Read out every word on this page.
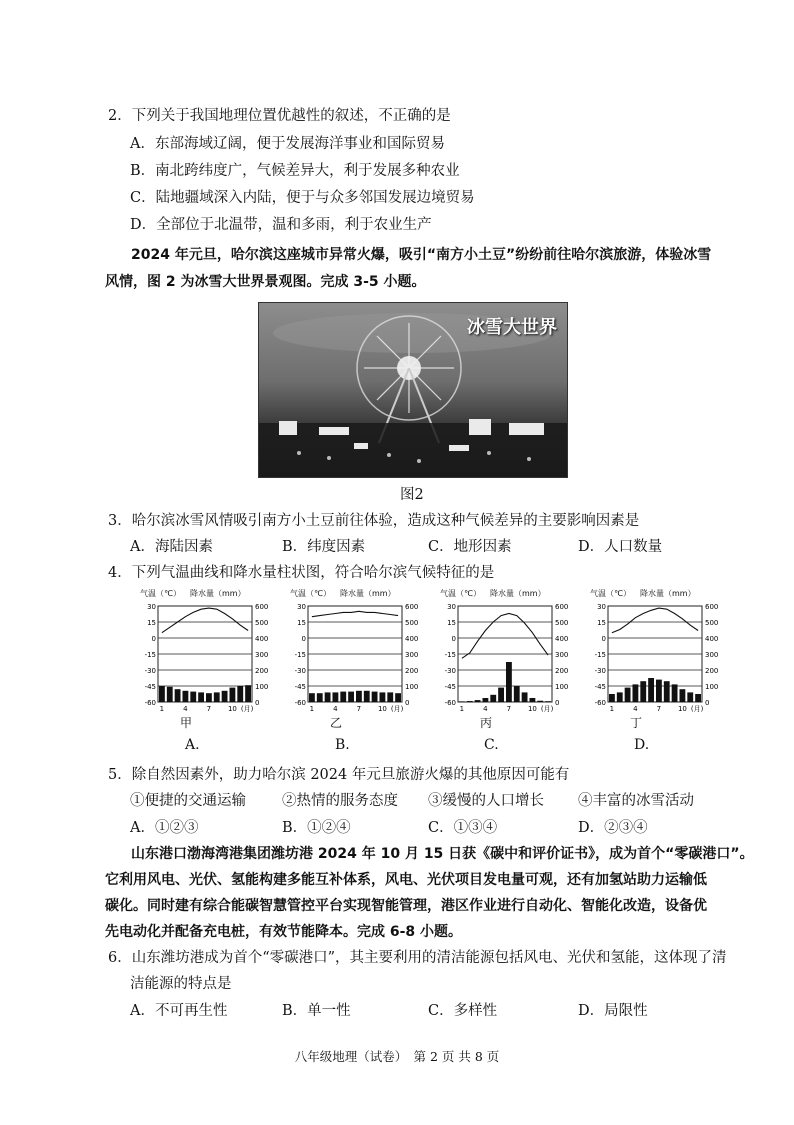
2．下列关于我国地理位置优越性的叙述，不正确的是
A．东部海域辽阔，便于发展海洋事业和国际贸易
B．南北跨纬度广，气候差异大，利于发展多种农业
C．陆地疆域深入内陆，便于与众多邻国发展边境贸易
D．全部位于北温带，温和多雨，利于农业生产
2024 年元旦，哈尔滨这座城市异常火爆，吸引“南方小土豆”纷纷前往哈尔滨旅游，体验冰雪
风情，图 2 为冰雪大世界景观图。完成 3-5 小题。
冰雪大世界
图2
3．哈尔滨冰雪风情吸引南方小土豆前往体验，造成这种气候差异的主要影响因素是
A．海陆因素	B．纬度因素	C．地形因素	D．人口数量
4．下列气温曲线和降水量柱状图，符合哈尔滨气候特征的是
气温（℃） 降水量（mm）
30	600
15	500
0	400
-15	300
-30	200
-45	100
-60	0
1	4	7 10 (月)
甲
气温（℃） 降水量（mm）
30	600
15	500
0	400
-15	300
-30	200
-45	100
-60	0
1	4	7 10 (月)
乙
气温（℃） 降水量（mm）
30	600
15	500
0	400
-15	300
-30	200
-45	100
-60	0
1	4	7 10 (月)
丙
气温（℃） 降水量（mm）
30	600
15	500
0	400
-15	300
-30	200
-45	100
-60	0
1	4	7 10 (月)
丁
A.	B.	C.	D.
5．除自然因素外，助力哈尔滨 2024 年元旦旅游火爆的其他原因可能有
①便捷的交通运输 ②热情的服务态度 ③缓慢的人口增长 ④丰富的冰雪活动
A．①②③	B．①②④	C．①③④	D．②③④
山东港口渤海湾港集团潍坊港 2024 年 10 月 15 日获《碳中和评价证书》，成为首个“零碳港口”。
它利用风电、光伏、氢能构建多能互补体系，风电、光伏项目发电量可观，还有加氢站助力运输低
碳化。同时建有综合能碳智慧管控平台实现智能管理，港区作业进行自动化、智能化改造，设备优
先电动化并配备充电桩，有效节能降本。完成 6-8 小题。
6．山东潍坊港成为首个“零碳港口”，其主要利用的清洁能源包括风电、光伏和氢能，这体现了清
洁能源的特点是
A．不可再生性	B．单一性	C．多样性	D．局限性
八年级地理（试卷）　第 2 页 共 8 页
